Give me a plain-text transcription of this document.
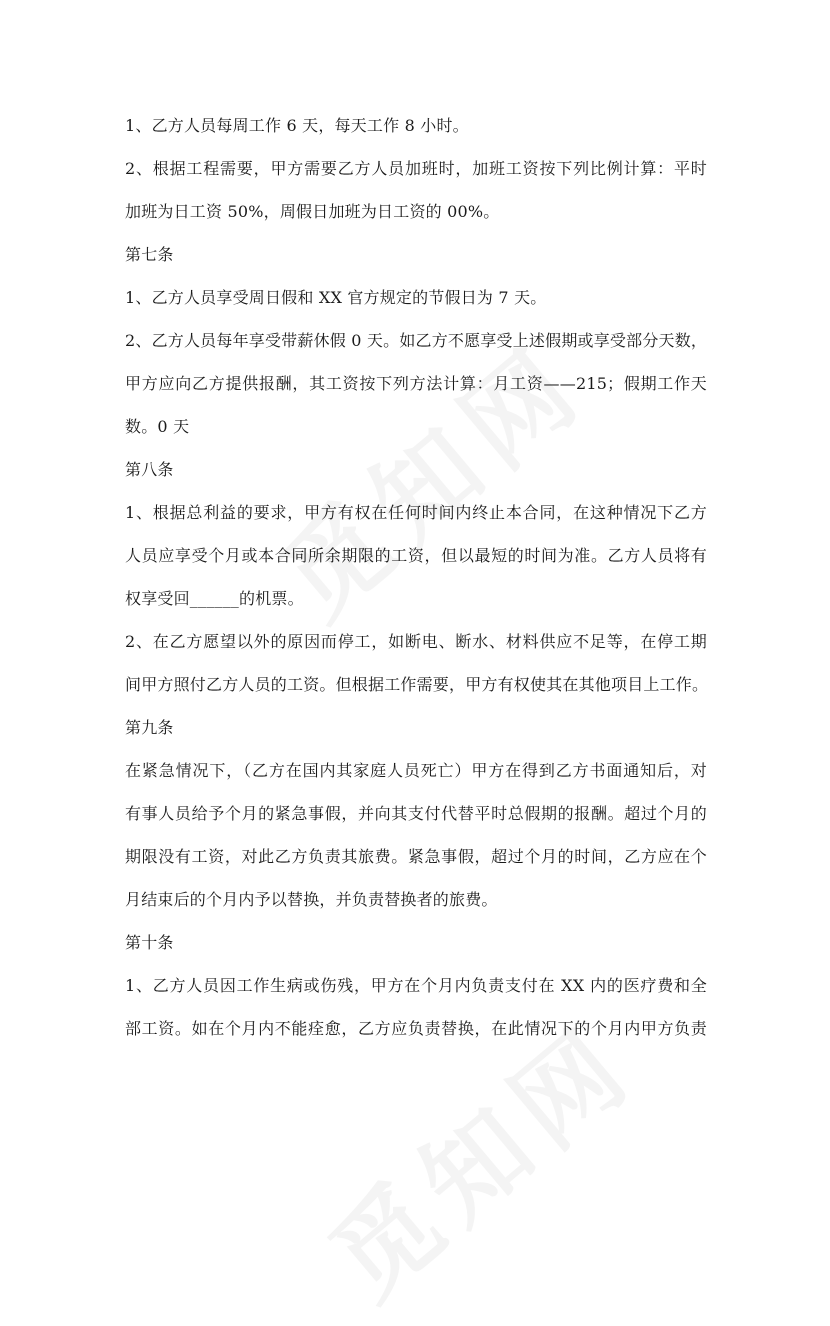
1、乙方人员每周工作 6 天，每天工作 8 小时。
2、根据工程需要，甲方需要乙方人员加班时，加班工资按下列比例计算：平时
加班为日工资 50%，周假日加班为日工资的 00%。
第七条
1、乙方人员享受周日假和 XX 官方规定的节假日为 7 天。
2、乙方人员每年享受带薪休假 0 天。如乙方不愿享受上述假期或享受部分天数，
甲方应向乙方提供报酬，其工资按下列方法计算：月工资——215；假期工作天
数。0 天
第八条
1、根据总利益的要求，甲方有权在任何时间内终止本合同，在这种情况下乙方
人员应享受个月或本合同所余期限的工资，但以最短的时间为准。乙方人员将有
权享受回______的机票。
2、在乙方愿望以外的原因而停工，如断电、断水、材料供应不足等，在停工期
间甲方照付乙方人员的工资。但根据工作需要，甲方有权使其在其他项目上工作。
第九条
在紧急情况下，（乙方在国内其家庭人员死亡）甲方在得到乙方书面通知后，对
有事人员给予个月的紧急事假，并向其支付代替平时总假期的报酬。超过个月的
期限没有工资，对此乙方负责其旅费。紧急事假，超过个月的时间，乙方应在个
月结束后的个月内予以替换，并负责替换者的旅费。
第十条
1、乙方人员因工作生病或伤残，甲方在个月内负责支付在 XX 内的医疗费和全
部工资。如在个月内不能痊愈，乙方应负责替换，在此情况下的个月内甲方负责
